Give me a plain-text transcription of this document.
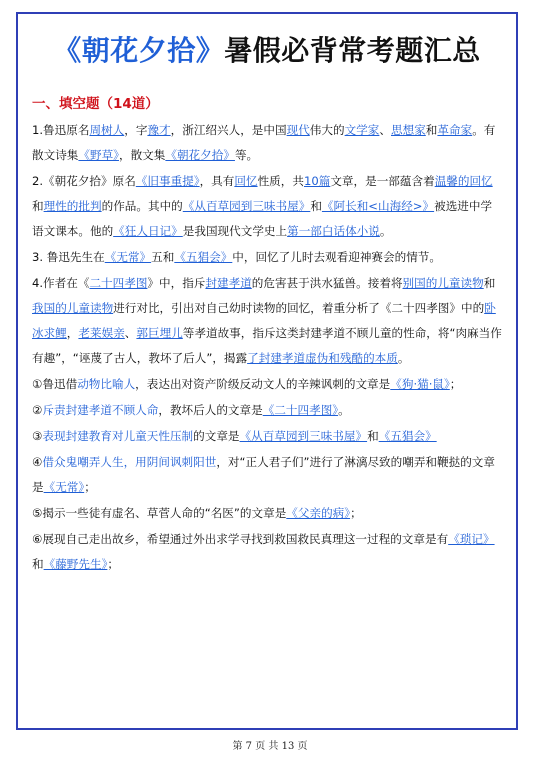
《朝花夕拾》暑假必背常考题汇总
一、填空题（14道）

1.鲁迅原名周树人，字豫才，浙江绍兴人，是中国现代伟大的文学家、思想家和革命家。有散文诗集《野草》，散文集《朝花夕拾》等。

2.《朝花夕拾》原名《旧事重提》，具有回忆性质，共10篇文章，是一部蕴含着温馨的回忆和理性的批判的作品。其中的《从百草园到三味书屋》和《阿长和<山海经>》被选进中学语文课本。他的《狂人日记》是我国现代文学史上第一部白话体小说。

3. 鲁迅先生在《无常》五和《五猖会》中，回忆了儿时去观看迎神赛会的情节。

4.作者在《二十四孝图》中，指斥封建孝道的危害甚于洪水猛兽。接着将别国的儿童读物和我国的儿童读物进行对比，引出对自己幼时读物的回忆，着重分析了《二十四孝图》中的卧冰求鲤，老莱娱亲、郭巨埋儿等孝道故事，指斥这类封建孝道不顾儿童的性命，将“肉麻当作有趣”，“诬蔑了古人，教坏了后人”，揭露了封建孝道虚伪和残酷的本质。

①鲁迅借动物比喻人，表达出对资产阶级反动文人的辛辣讽刺的文章是《狗·猫·鼠》；

②斥责封建孝道不顾人命，教坏后人的文章是《二十四孝图》。

③表现封建教育对儿童天性压制的文章是《从百草园到三味书屋》和《五猖会》

④借众鬼嘲弄人生，用阴间讽刺阳世，对“正人君子们”进行了淋漓尽致的嘲弄和鞭挞的文章是《无常》；

⑤揭示一些徒有虚名、草菅人命的“名医”的文章是《父亲的病》；

⑥展现自己走出故乡，希望通过外出求学寻找到救国救民真理这一过程的文章是有《琐记》和《藤野先生》；

第 7 页 共 13 页
